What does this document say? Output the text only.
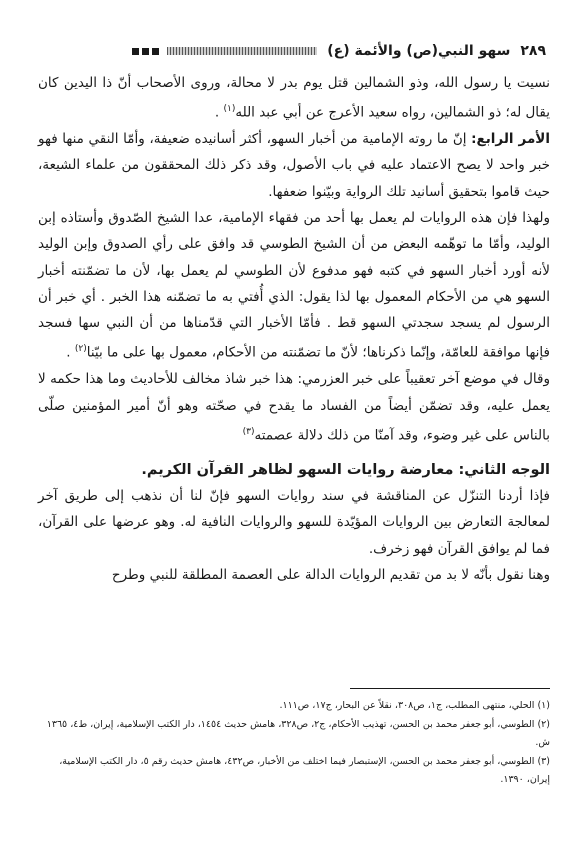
٢٨٩
سهو النبي(ص) والأئمة (ع)

نسيت يا رسول الله، وذو الشمالين قتل يوم بدر لا محالة، وروى الأصحاب أنّ ذا اليدين كان يقال له؛ ذو الشمالين، رواه سعيد الأعرج عن أبي عبد الله$^{(١)}$ .

الأمر الرابع: إنّ ما روته الإمامية من أخبار السهو، أكثر أسانيده ضعيفة، وأمّا النقي منها فهو خبر واحد لا يصح الاعتماد عليه في باب الأصول، وقد ذكر ذلك المحققون من علماء الشيعة، حيث قاموا بتحقيق أسانيد تلك الرواية وبيّنوا ضعفها.

ولهذا فإن هذه الروايات لم يعمل بها أحد من فقهاء الإمامية، عدا الشيخ الصّدوق وأستاذه إبن الوليد، وأمّا ما توهّمه البعض من أن الشيخ الطوسي قد وافق على رأي الصدوق وإبن الوليد لأنه أورد أخبار السهو في كتبه فهو مدفوع لأن الطوسي لم يعمل بها، لأن ما تضمّنته أخبار السهو هي من الأحكام المعمول بها لذا يقول: الذي أُفتي به ما تضمّنه هذا الخبر . أي خبر أن الرسول لم يسجد سجدتي السهو قط . فأمّا الأخبار التي قدّمناها من أن النبي سها فسجد فإنها موافقة للعامّة، وإنّما ذكرناها؛ لأنّ ما تضمّنته من الأحكام، معمول بها على ما بيّنا$^{(٢)}$ .

وقال في موضع آخر تعقيباً على خبر العزرمي: هذا خبر شاذ مخالف للأحاديث وما هذا حكمه لا يعمل عليه، وقد تضمّن أيضاً من الفساد ما يقدح في صحّته وهو أنّ أمير المؤمنين صلّى بالناس على غير وضوء، وقد آمنّا من ذلك دلالة عصمته$^{(٣)}$

الوجه الثاني: معارضة روايات السهو لظاهر القرآن الكريم.

فإذا أردنا التنزّل عن المناقشة في سند روايات السهو فإنّ لنا أن نذهب إلى طريق آخر لمعالجة التعارض بين الروايات المؤيّدة للسهو والروايات النافية له. وهو عرضها على القرآن، فما لم يوافق القرآن فهو زخرف.

وهنا نقول بأنّه لا بد من تقديم الروايات الدالة على العصمة المطلقة للنبي وطرح

(١) الحلي، منتهى المطلب، ج١، ص٣٠٨، نقلاً عن البحار، ج١٧، ص١١١.

(٢) الطوسي، أبو جعفر محمد بن الحسن، تهذيب الأحكام، ج٢، ص٣٢٨، هامش حديث ١٤٥٤، دار الكتب الإسلامية، إيران، ط٤، ١٣٦٥ ش.

(٣) الطوسي، أبو جعفر محمد بن الحسن، الإستبصار فيما اختلف من الأخبار، ص٤٣٢، هامش حديث رقم ٥، دار الكتب الإسلامية، إيران، ١٣٩٠.
